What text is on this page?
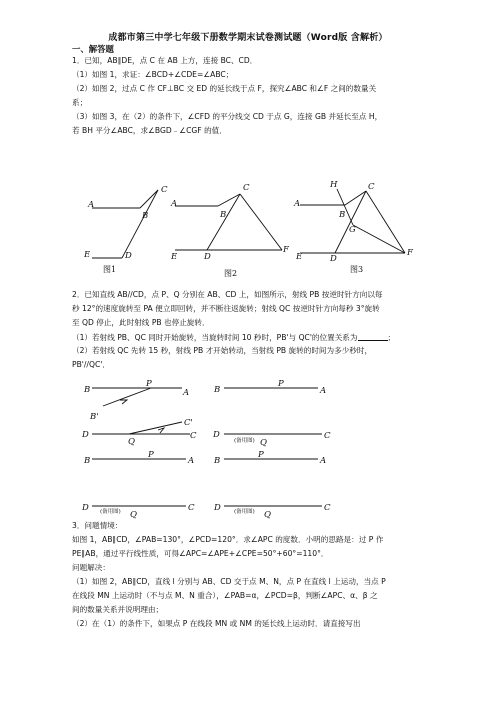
成都市第三中学七年级下册数学期末试卷测试题（Word版 含解析）
一、解答题
1．已知，AB∥DE，点 C 在 AB 上方，连接 BC、CD．
（1）如图 1，求证：∠BCD+∠CDE=∠ABC；
（2）如图 2，过点 C 作 CF⊥BC 交 ED 的延长线于点 F，探究∠ABC 和∠F 之间的数量关
系；
（3）如图 3，在（2）的条件下，∠CFD 的平分线交 CD 于点 G，连接 GB 并延长至点 H，
若 BH 平分∠ABC，求∠BGD﹣∠CGF 的值．
A
B
C
E	D
图1
A
B
C
E	D
F
图2
A
B
C
H
G
E	D
F
图3
2．已知直线 AB//CD，点 P、Q 分别在 AB、CD 上，如图所示，射线 PB 按逆时针方向以每
秒 12°的速度旋转至 PA 便立即回转，并不断往返旋转；射线 QC 按逆时针方向每秒 3°旋转
至 QD 停止，此时射线 PB 也停止旋转．
（1）若射线 PB、QC 同时开始旋转，当旋转时间 10 秒时，PB'与 QC'的位置关系为	；
（2）若射线 QC 先转 15 秒，射线 PB 才开始转动，当射线 PB 旋转的时间为多少秒时，
PB'//QC'．
B
P
A
B'
C'
D
Q
C
B
P
A
D
Q
C
(备用图)
B
P
A B
P
A
D
Q
C
(备用图)	D
Q
C
(备用图)
3．问题情境：
如图 1，AB∥CD，∠PAB=130°，∠PCD=120°．求∠APC 的度数．小明的思路是：过 P 作
PE∥AB，通过平行线性质，可得∠APC=∠APE+∠CPE=50°+60°=110°．
问题解决：
（1）如图 2，AB∥CD，直线 l 分别与 AB、CD 交于点 M、N，点 P 在直线 l 上运动，当点 P
在线段 MN 上运动时（不与点 M、N 重合），∠PAB=α，∠PCD=β，判断∠APC、α、β 之
间的数量关系并说明理由；
（2）在（1）的条件下，如果点 P 在线段 MN 或 NM 的延长线上运动时．请直接写出
